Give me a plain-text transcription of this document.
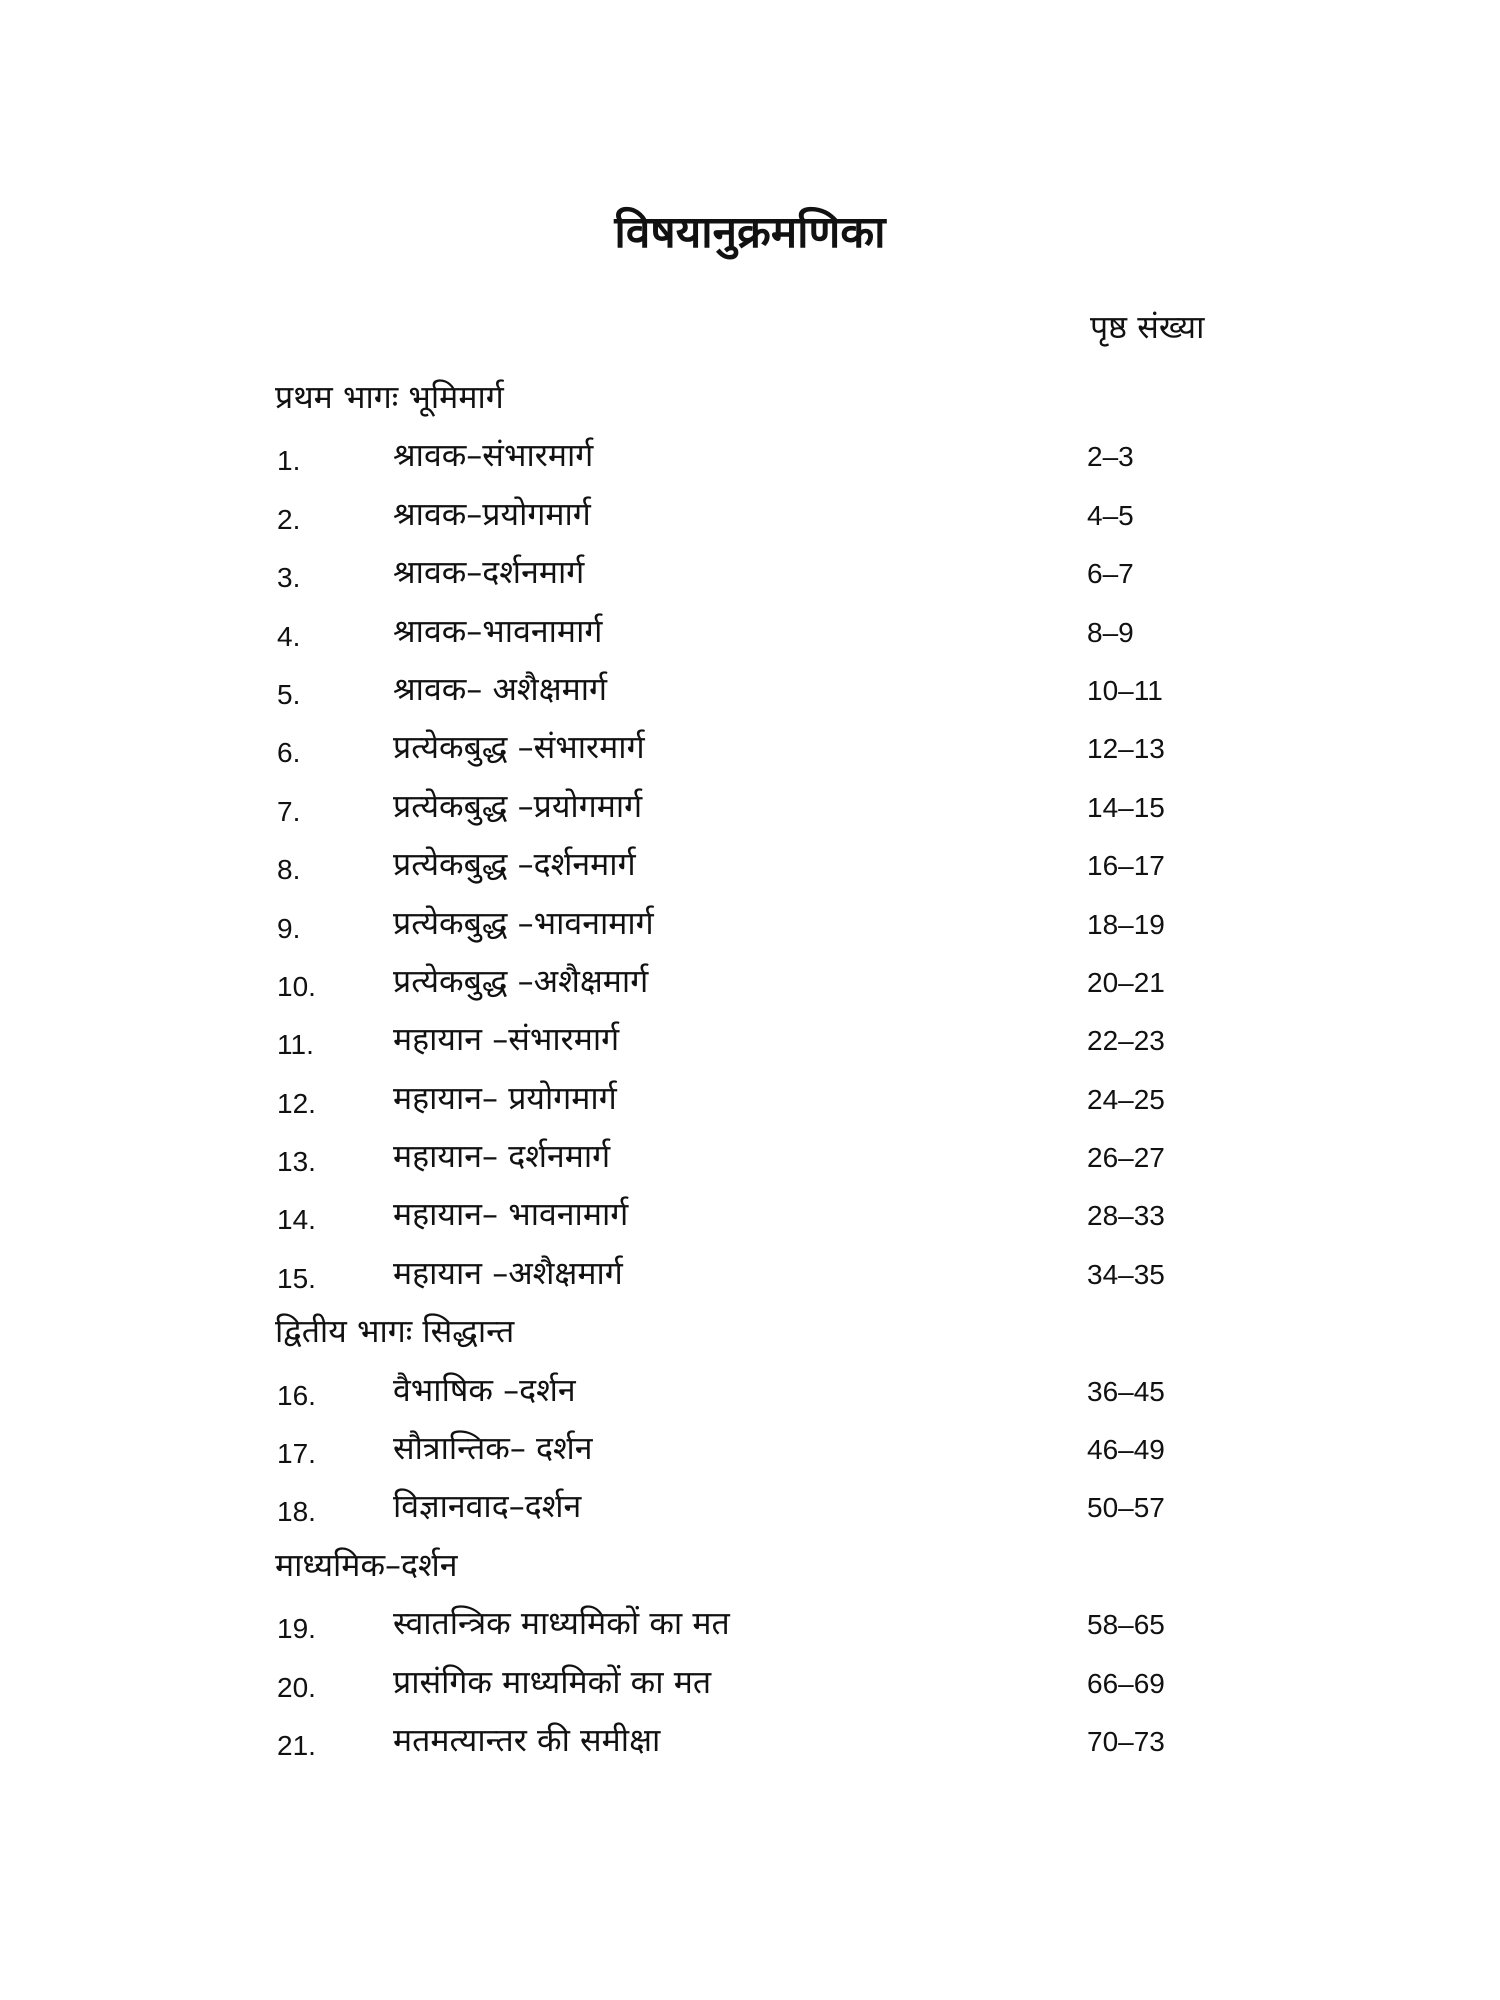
विषयानुक्रमणिका
पृष्ठ संख्या
प्रथम भागः भूमिमार्ग
1.	श्रावक–संभारमार्ग	2–3
2.	श्रावक–प्रयोगमार्ग	4–5
3.	श्रावक–दर्शनमार्ग	6–7
4.	श्रावक–भावनामार्ग	8–9
5.	श्रावक– अशैक्षमार्ग	10–11
6.	प्रत्येकबुद्ध –संभारमार्ग	12–13
7.	प्रत्येकबुद्ध –प्रयोगमार्ग	14–15
8.	प्रत्येकबुद्ध –दर्शनमार्ग	16–17
9.	प्रत्येकबुद्ध –भावनामार्ग	18–19
10. प्रत्येकबुद्ध –अशैक्षमार्ग	20–21
11. महायान –संभारमार्ग	22–23
12. महायान– प्रयोगमार्ग	24–25
13. महायान– दर्शनमार्ग	26–27
14. महायान– भावनामार्ग	28–33
15. महायान –अशैक्षमार्ग	34–35
द्वितीय भागः सिद्धान्त
16. वैभाषिक –दर्शन	36–45
17. सौत्रान्तिक– दर्शन	46–49
18. विज्ञानवाद–दर्शन	50–57
माध्यमिक–दर्शन
19. स्वातन्त्रिक माध्यमिकों का मत	58–65
20. प्रासंगिक माध्यमिकों का मत	66–69
21. मतमत्यान्तर की समीक्षा	70–73
